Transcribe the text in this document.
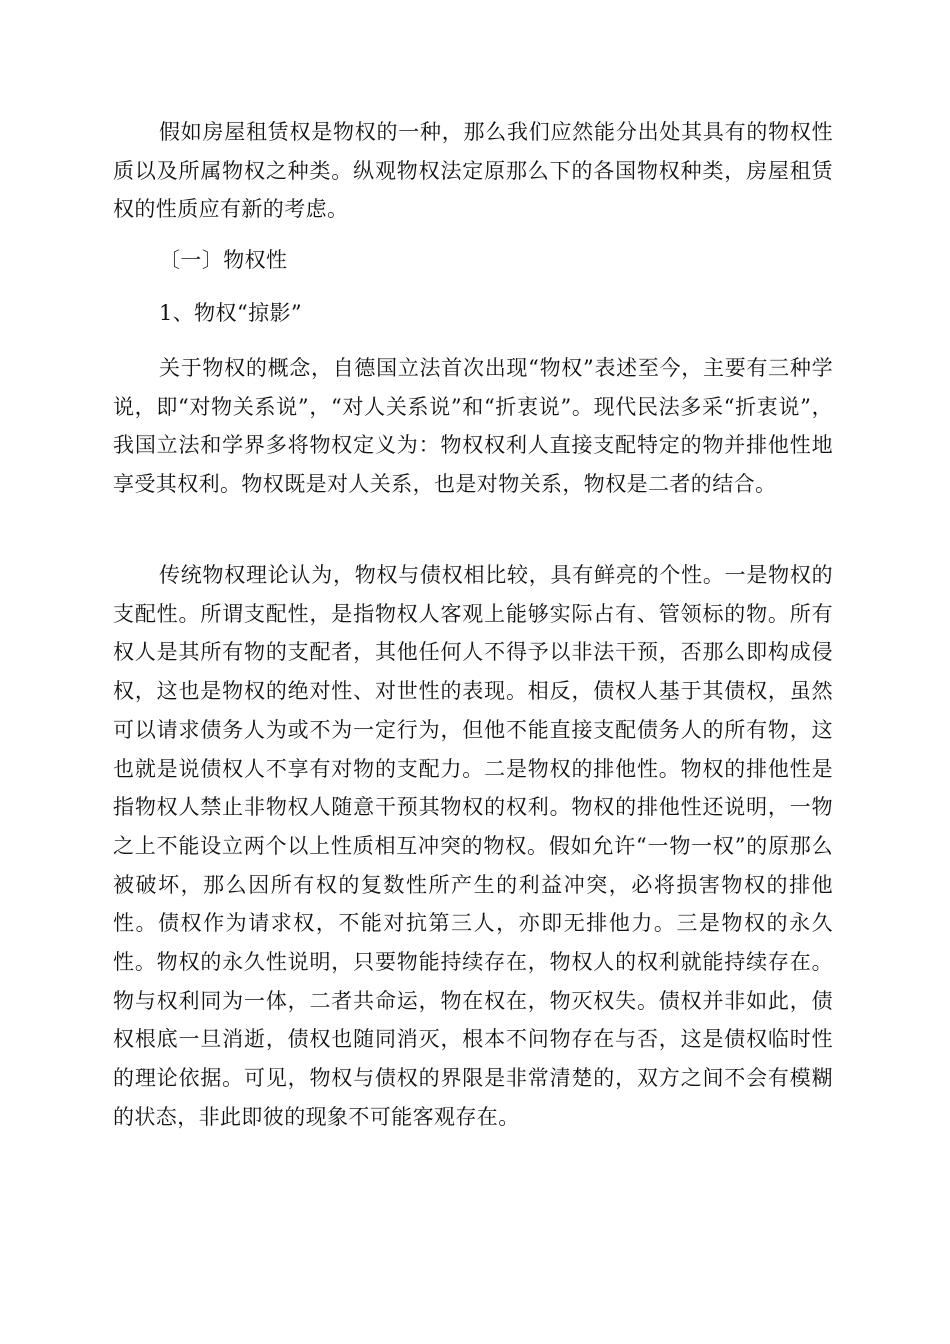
假如房屋租赁权是物权的一种，那么我们应然能分出处其具有的物权性质以及所属物权之种类。纵观物权法定原那么下的各国物权种类，房屋租赁权的性质应有新的考虑。

〔一〕物权性

1、物权“掠影”

关于物权的概念，自德国立法首次出现“物权”表述至今，主要有三种学说，即“对物关系说”，“对人关系说”和“折衷说”。现代民法多采“折衷说”，我国立法和学界多将物权定义为：物权权利人直接支配特定的物并排他性地享受其权利。物权既是对人关系，也是对物关系，物权是二者的结合。

传统物权理论认为，物权与债权相比较，具有鲜亮的个性。一是物权的支配性。所谓支配性，是指物权人客观上能够实际占有、管领标的物。所有权人是其所有物的支配者，其他任何人不得予以非法干预，否那么即构成侵权，这也是物权的绝对性、对世性的表现。相反，债权人基于其债权，虽然可以请求债务人为或不为一定行为，但他不能直接支配债务人的所有物，这也就是说债权人不享有对物的支配力。二是物权的排他性。物权的排他性是指物权人禁止非物权人随意干预其物权的权利。物权的排他性还说明，一物之上不能设立两个以上性质相互冲突的物权。假如允许“一物一权”的原那么被破坏，那么因所有权的复数性所产生的利益冲突，必将损害物权的排他性。债权作为请求权，不能对抗第三人，亦即无排他力。三是物权的永久性。物权的永久性说明，只要物能持续存在，物权人的权利就能持续存在。物与权利同为一体，二者共命运，物在权在，物灭权失。债权并非如此，债权根底一旦消逝，债权也随同消灭，根本不问物存在与否，这是债权临时性的理论依据。可见，物权与债权的界限是非常清楚的，双方之间不会有模糊的状态，非此即彼的现象不可能客观存在。
